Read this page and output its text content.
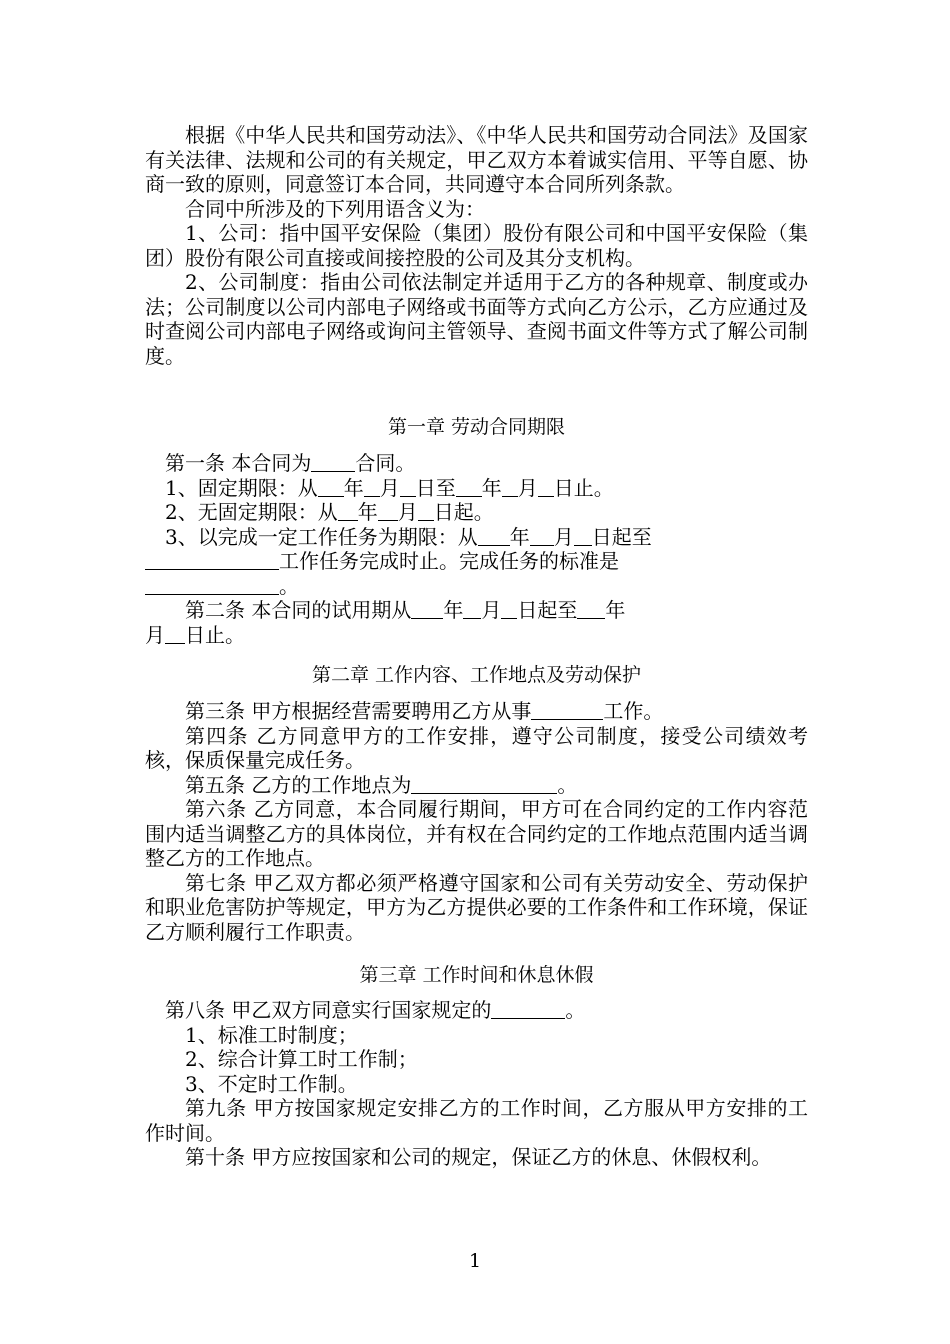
根据《中华人民共和国劳动法》、《中华人民共和国劳动合同法》及国家有关法律、法规和公司的有关规定，甲乙双方本着诚实信用、平等自愿、协商一致的原则，同意签订本合同，共同遵守本合同所列条款。

合同中所涉及的下列用语含义为：

1、公司：指中国平安保险（集团）股份有限公司和中国平安保险（集团）股份有限公司直接或间接控股的公司及其分支机构。

2、公司制度：指由公司依法制定并适用于乙方的各种规章、制度或办法；公司制度以公司内部电子网络或书面等方式向乙方公示，乙方应通过及时查阅公司内部电子网络或询问主管领导、查阅书面文件等方式了解公司制度。

第一章 劳动合同期限

第一条 本合同为 合同。

1、固定期限：从 年 月 日至 年 月 日止。

2、无固定期限：从 年 月 日起。

3、以完成一定工作任务为期限：从 年 月 日起至
工作任务完成时止。完成任务的标准是
。

第二条 本合同的试用期从 年 月 日起至 年
月 日止。

第二章 工作内容、工作地点及劳动保护

第三条 甲方根据经营需要聘用乙方从事	工作。

第四条 乙方同意甲方的工作安排，遵守公司制度，接受公司绩效考核，保质保量完成任务。

第五条 乙方的工作地点为	。

第六条 乙方同意，本合同履行期间，甲方可在合同约定的工作内容范围内适当调整乙方的具体岗位，并有权在合同约定的工作地点范围内适当调整乙方的工作地点。

第七条 甲乙双方都必须严格遵守国家和公司有关劳动安全、劳动保护和职业危害防护等规定，甲方为乙方提供必要的工作条件和工作环境，保证乙方顺利履行工作职责。

第三章 工作时间和休息休假

第八条 甲乙双方同意实行国家规定的	。

1、标准工时制度；

2、综合计算工时工作制；

3、不定时工作制。

第九条 甲方按国家规定安排乙方的工作时间，乙方服从甲方安排的工作时间。

第十条 甲方应按国家和公司的规定，保证乙方的休息、休假权利。

1
